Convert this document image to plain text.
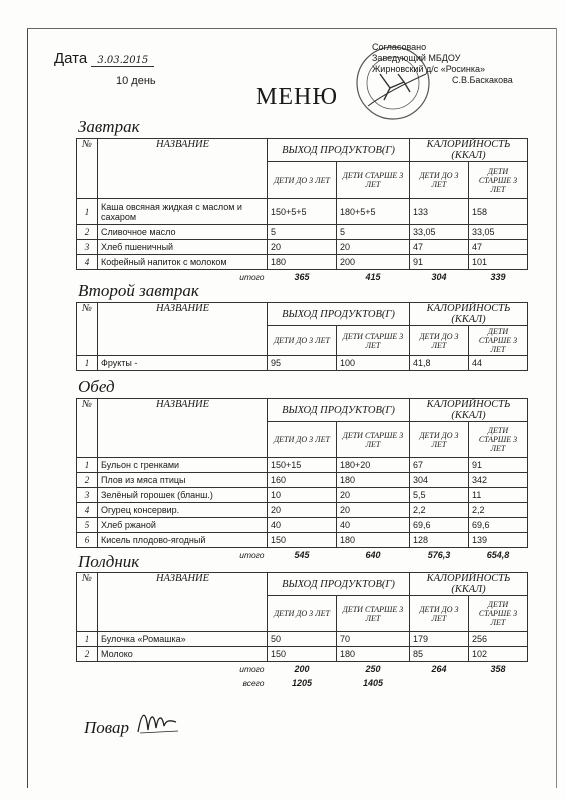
Дата 3.03.2015
10 день
Согласовано
Заведующий МБДОУ
Жирновский д/с «Росинка»
С.В.Баскакова
МЕНЮ
Завтрак
№	НАЗВАНИЕ	ВЫХОД ПРОДУКТОВ(Г)		КАЛОРИЙНОСТЬ (ККАЛ)	
		ДЕТИ ДО 3 ЛЕТ	ДЕТИ СТАРШЕ 3 ЛЕТ	ДЕТИ ДО 3 ЛЕТ	ДЕТИ СТАРШЕ 3 ЛЕТ
1	Каша овсяная жидкая с маслом и сахаром	150+5+5	180+5+5	133	158
2	Сливочное масло	5	5	33,05	33,05
3	Хлеб пшеничный	20	20	47	47
4	Кофейный напиток с молоком	180	200	91	101
итого		365	415	304	339
Второй завтрак
№	НАЗВАНИЕ	ВЫХОД ПРОДУКТОВ(Г)		КАЛОРИЙНОСТЬ (ККАЛ)	
		ДЕТИ ДО 3 ЛЕТ	ДЕТИ СТАРШЕ 3 ЛЕТ	ДЕТИ ДО 3 ЛЕТ	ДЕТИ СТАРШЕ 3 ЛЕТ
1	Фрукты -	95	100	41,8	44
Обед
№	НАЗВАНИЕ	ВЫХОД ПРОДУКТОВ(Г)		КАЛОРИЙНОСТЬ (ККАЛ)	
		ДЕТИ ДО 3 ЛЕТ	ДЕТИ СТАРШЕ 3 ЛЕТ	ДЕТИ ДО 3 ЛЕТ	ДЕТИ СТАРШЕ 3 ЛЕТ
1	Бульон с гренками	150+15	180+20	67	91
2	Плов из мяса птицы	160	180	304	342
3	Зелёный горошек (бланш.)	10	20	5,5	11
4	Огурец консервир.	20	20	2,2	2,2
5	Хлеб ржаной	40	40	69,6	69,6
6	Кисель плодово-ягодный	150	180	128	139
итого		545	640	576,3	654,8
Полдник
№	НАЗВАНИЕ	ВЫХОД ПРОДУКТОВ(Г)		КАЛОРИЙНОСТЬ (ККАЛ)	
		ДЕТИ ДО 3 ЛЕТ	ДЕТИ СТАРШЕ 3 ЛЕТ	ДЕТИ ДО 3 ЛЕТ	ДЕТИ СТАРШЕ 3 ЛЕТ
1	Булочка «Ромашка»	50	70	179	256
2	Молоко	150	180	85	102
итого		200	250	264	358
всего		1205	1405		
Повар
